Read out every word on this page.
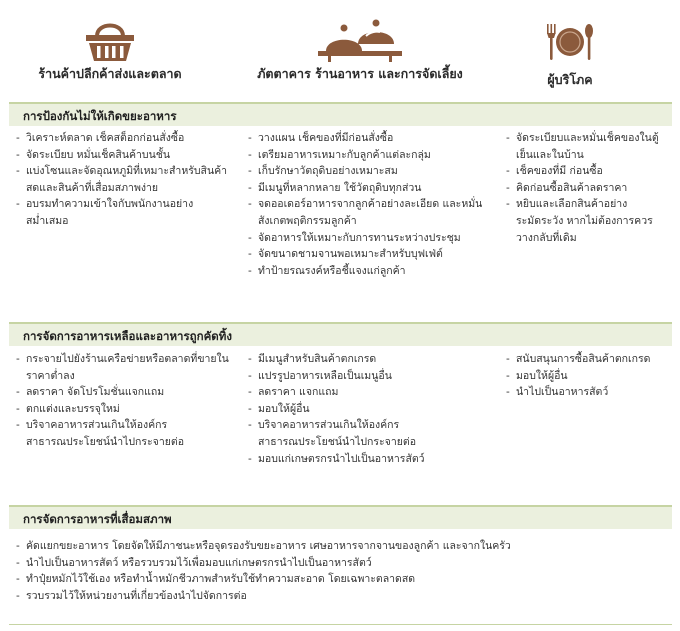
ร้านค้าปลีกค้าส่งและตลาด	ภัตตาคาร ร้านอาหาร และการจัดเลี้ยง	ผู้บริโภค
การป้องกันไม่ให้เกิดขยะอาหาร
- วิเคราะห์ตลาด เช็คสต็อกก่อนสั่งซื้อ
- จัดระเบียบ หมั่นเช็คสินค้าบนชั้น
- แบ่งโซนและจัดอุณหภูมิที่เหมาะสำหรับสินค้าสดและสินค้าที่เสื่อมสภาพง่าย
- อบรมทำความเข้าใจกับพนักงานอย่างสม่ำเสมอ
- วางแผน เช็คของที่มีก่อนสั่งซื้อ
- เตรียมอาหารเหมาะกับลูกค้าแต่ละกลุ่ม
- เก็บรักษาวัตถุดิบอย่างเหมาะสม
- มีเมนูที่หลากหลาย ใช้วัตถุดิบทุกส่วน
- จดออเดอร์อาหารจากลูกค้าอย่างละเอียด และหมั่นสังเกตพฤติกรรมลูกค้า
- จัดอาหารให้เหมาะกับการทานระหว่างประชุม
- จัดขนาดชามจานพอเหมาะสำหรับบุฟเฟ่ต์
- ทำป้ายรณรงค์หรือชี้แจงแก่ลูกค้า
- จัดระเบียบและหมั่นเช็คของในตู้เย็นและในบ้าน
- เช็คของที่มี ก่อนซื้อ
- คิดก่อนซื้อสินค้าลดราคา
- หยิบและเลือกสินค้าอย่างระมัดระวัง หากไม่ต้องการควรวางกลับที่เดิม
การจัดการอาหารเหลือและอาหารถูกคัดทิ้ง
- กระจายไปยังร้านเครือข่ายหรือตลาดที่ขายในราคาต่ำลง
- ลดราคา จัดโปรโมชั่นแจกแถม
- ตกแต่งและบรรจุใหม่
- บริจาคอาหารส่วนเกินให้องค์กรสาธารณประโยชน์นำไปกระจายต่อ
- มีเมนูสำหรับสินค้าตกเกรด
- แปรรูปอาหารเหลือเป็นเมนูอื่น
- ลดราคา แจกแถม
- มอบให้ผู้อื่น
- บริจาคอาหารส่วนเกินให้องค์กรสาธารณประโยชน์นำไปกระจายต่อ
- มอบแก่เกษตรกรนำไปเป็นอาหารสัตว์
- สนับสนุนการซื้อสินค้าตกเกรด
- มอบให้ผู้อื่น
- นำไปเป็นอาหารสัตว์
การจัดการอาหารที่เสื่อมสภาพ
- คัดแยกขยะอาหาร โดยจัดให้มีภาชนะหรือจุดรองรับขยะอาหาร เศษอาหารจากจานของลูกค้า และจากในครัว
- นำไปเป็นอาหารสัตว์ หรือรวบรวมไว้เพื่อมอบแก่เกษตรกรนำไปเป็นอาหารสัตว์
- ทำปุ๋ยหมักไว้ใช้เอง หรือทำน้ำหมักชีวภาพสำหรับใช้ทำความสะอาด โดยเฉพาะตลาดสด
- รวบรวมไว้ให้หน่วยงานที่เกี่ยวข้องนำไปจัดการต่อ
